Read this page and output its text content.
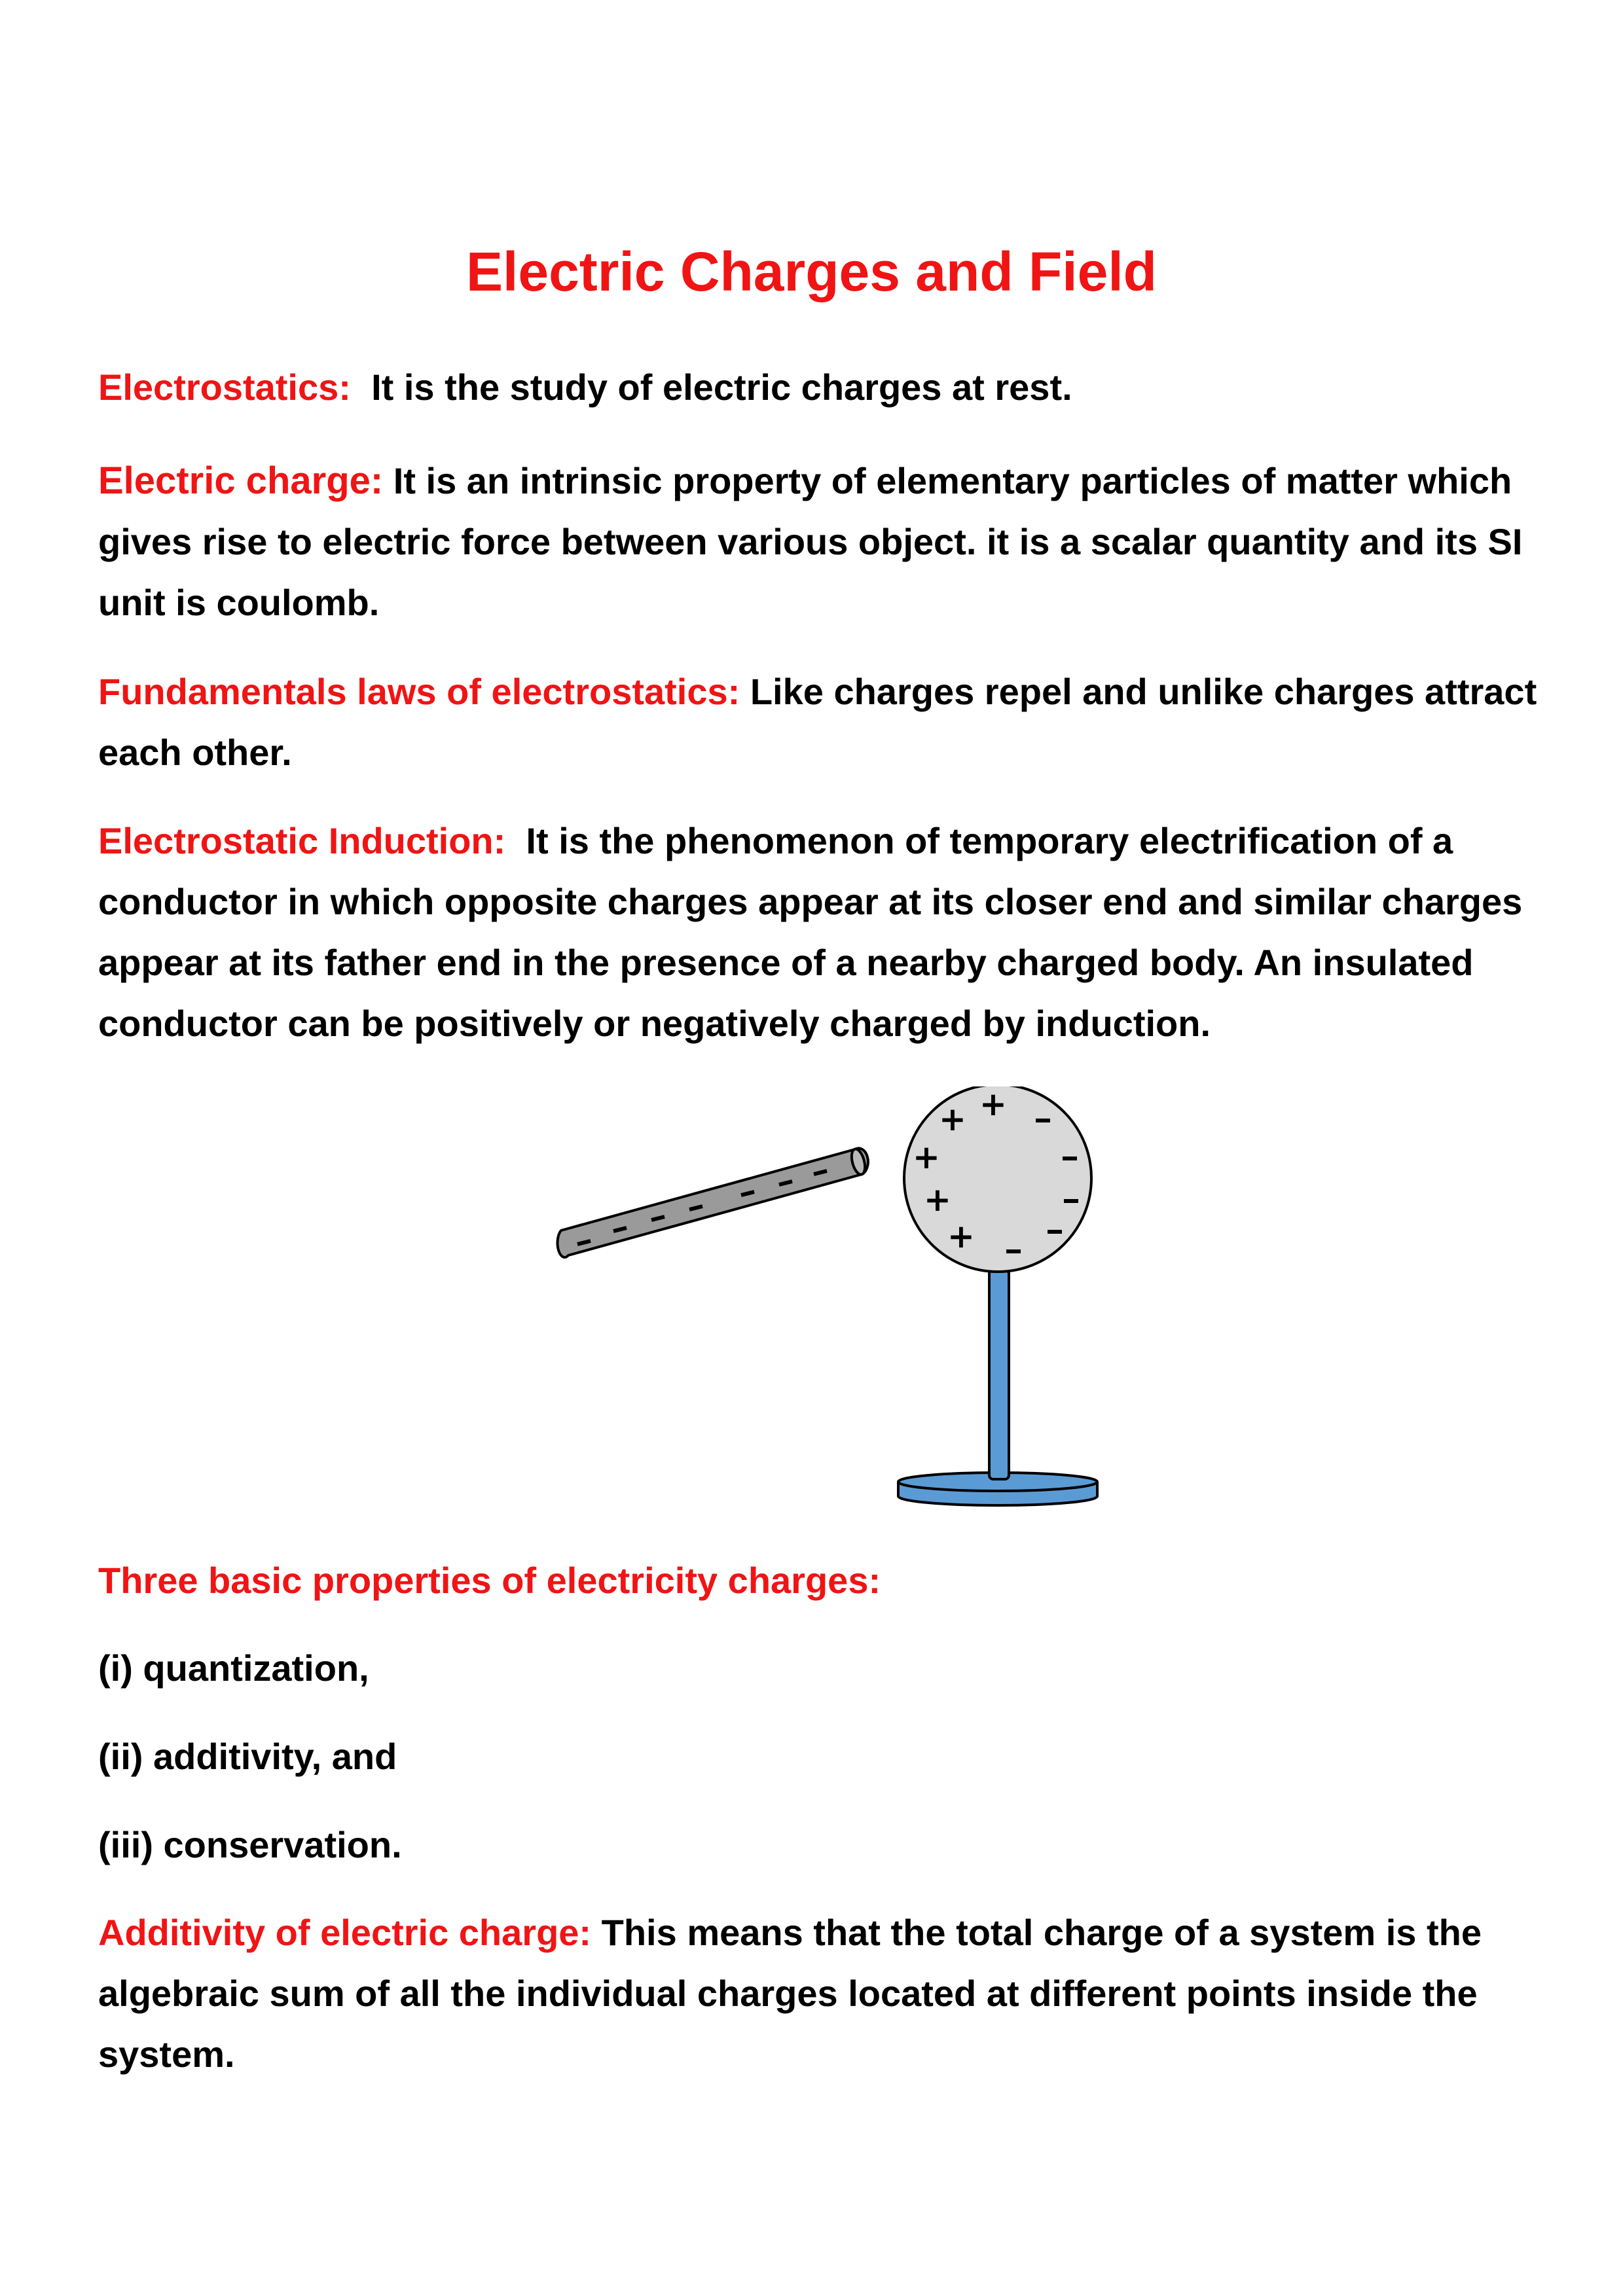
Electric Charges and Field
Electrostatics: It is the study of electric charges at rest.
Electric charge: It is an intrinsic property of elementary particles of matter which gives rise to electric force between various object. it is a scalar quantity and its SI unit is coulomb.
Fundamentals laws of electrostatics: Like charges repel and unlike charges attract each other.
Electrostatic Induction: It is the phenomenon of temporary electrification of a conductor in which opposite charges appear at its closer end and similar charges appear at its father end in the presence of a nearby charged body. An insulated conductor can be positively or negatively charged by induction.
+
+
+
+
+
Three basic properties of electricity charges:
(i) quantization,
(ii) additivity, and
(iii) conservation.
Additivity of electric charge: This means that the total charge of a system is the algebraic sum of all the individual charges located at different points inside the system.
